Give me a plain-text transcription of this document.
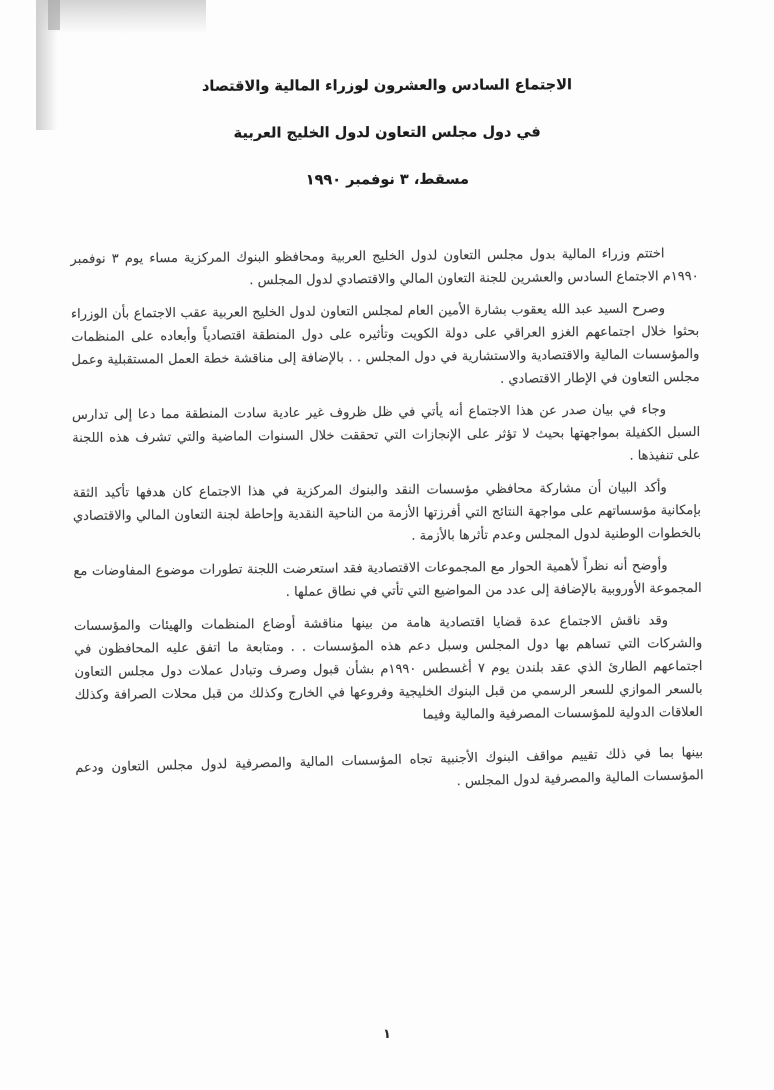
الاجتماع السادس والعشرون لوزراء المالية والاقتصاد
في دول مجلس التعاون لدول الخليج العربية
مسقط، ٣ نوفمبر ١٩٩٠

اختتم وزراء المالية بدول مجلس التعاون لدول الخليج العربية ومحافظو البنوك المركزية مساء يوم ٣ نوفمبر ١٩٩٠م الاجتماع السادس والعشرين للجنة التعاون المالي والاقتصادي لدول المجلس .

وصرح السيد عبد الله يعقوب بشارة الأمين العام لمجلس التعاون لدول الخليج العربية عقب الاجتماع بأن الوزراء بحثوا خلال اجتماعهم الغزو العراقي على دولة الكويت وتأثيره على دول المنطقة اقتصادياً وأبعاده على المنظمات والمؤسسات المالية والاقتصادية والاستشارية في دول المجلس . . بالإضافة إلى مناقشة خطة العمل المستقبلية وعمل مجلس التعاون في الإطار الاقتصادي .

وجاء في بيان صدر عن هذا الاجتماع أنه يأتي في ظل ظروف غير عادية سادت المنطقة مما دعا إلى تدارس السبل الكفيلة بمواجهتها بحيث لا تؤثر على الإنجازات التي تحققت خلال السنوات الماضية والتي تشرف هذه اللجنة على تنفيذها .

وأكد البيان أن مشاركة محافظي مؤسسات النقد والبنوك المركزية في هذا الاجتماع كان هدفها تأكيد الثقة بإمكانية مؤسساتهم على مواجهة النتائج التي أفرزتها الأزمة من الناحية النقدية وإحاطة لجنة التعاون المالي والاقتصادي بالخطوات الوطنية لدول المجلس وعدم تأثرها بالأزمة .

وأوضح أنه نظراً لأهمية الحوار مع المجموعات الاقتصادية فقد استعرضت اللجنة تطورات موضوع المفاوضات مع المجموعة الأوروبية بالإضافة إلى عدد من المواضيع التي تأتي في نطاق عملها .

وقد ناقش الاجتماع عدة قضايا اقتصادية هامة من بينها مناقشة أوضاع المنظمات والهيئات والمؤسسات والشركات التي تساهم بها دول المجلس وسبل دعم هذه المؤسسات . . ومتابعة ما اتفق عليه المحافظون في اجتماعهم الطارئ الذي عقد بلندن يوم ٧ أغسطس ١٩٩٠م بشأن قبول وصرف وتبادل عملات دول مجلس التعاون بالسعر الموازي للسعر الرسمي من قبل البنوك الخليجية وفروعها في الخارج وكذلك من قبل محلات الصرافة وكذلك العلاقات الدولية للمؤسسات المصرفية والمالية وفيما

بينها بما في ذلك تقييم مواقف البنوك الأجنبية تجاه المؤسسات المالية والمصرفية لدول مجلس التعاون ودعم المؤسسات المالية والمصرفية لدول المجلس .

١
